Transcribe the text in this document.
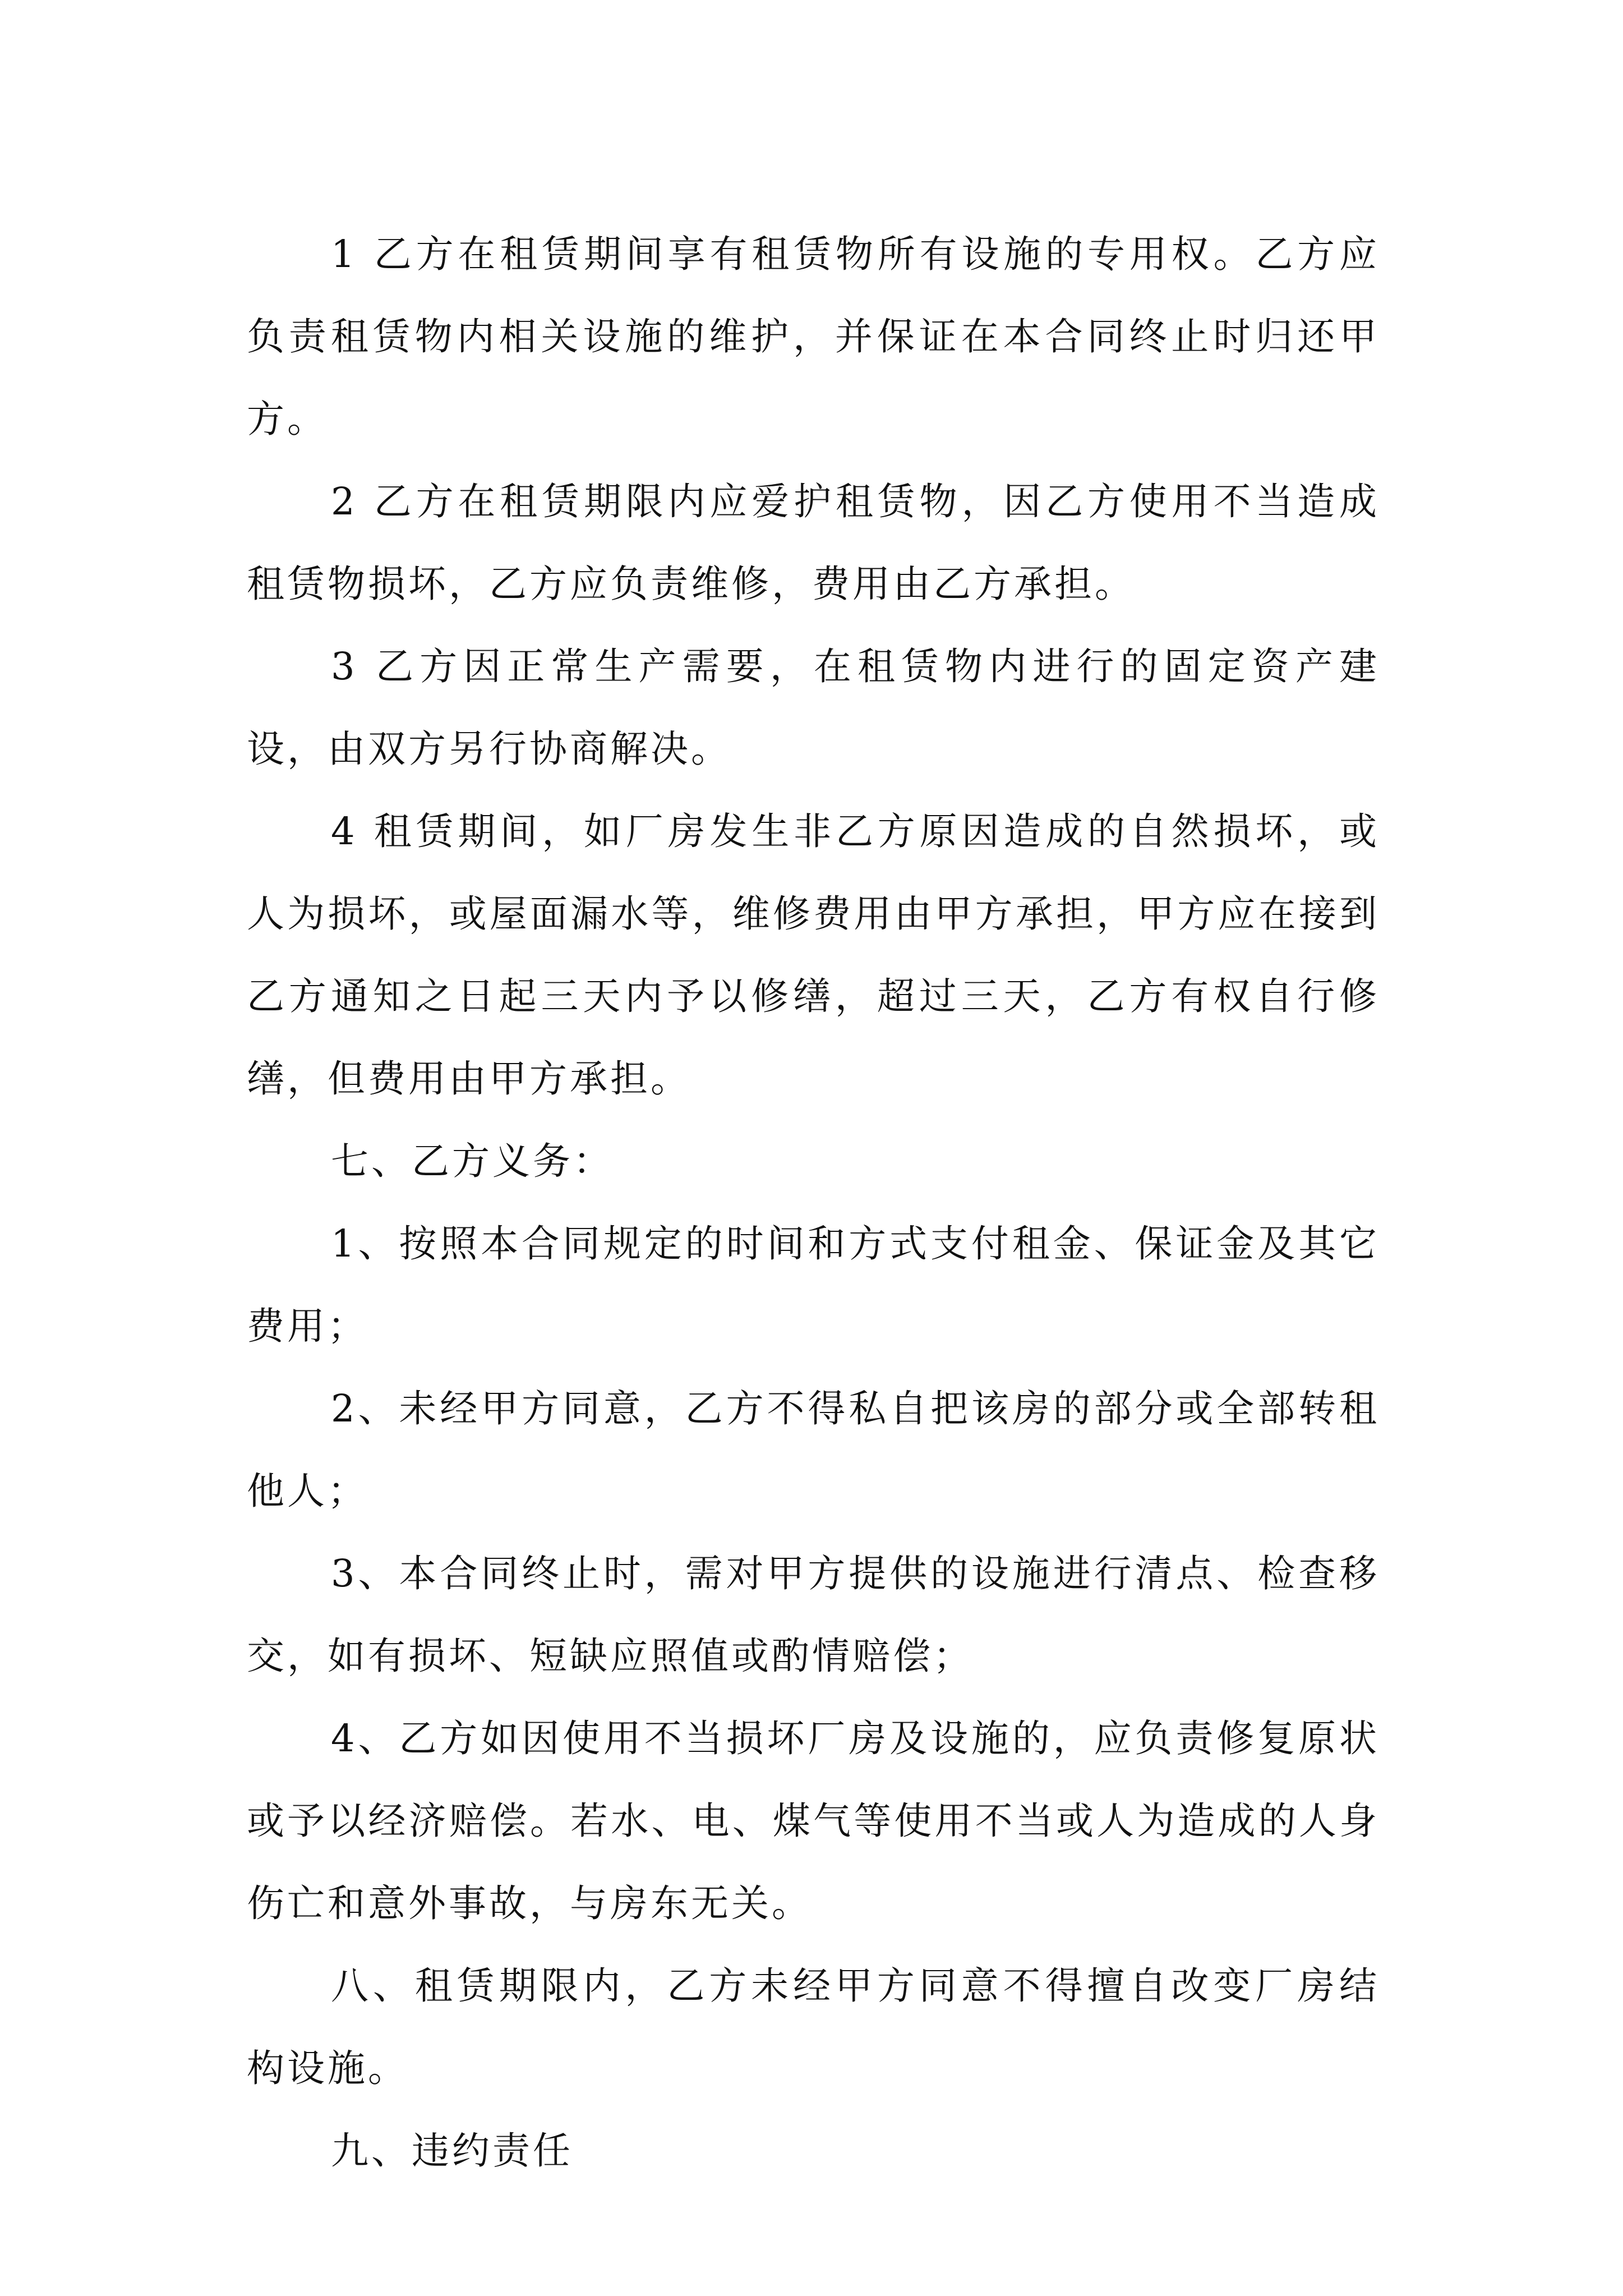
1 乙方在租赁期间享有租赁物所有设施的专用权。乙方应负责租赁物内相关设施的维护，并保证在本合同终止时归还甲方。

2 乙方在租赁期限内应爱护租赁物，因乙方使用不当造成租赁物损坏，乙方应负责维修，费用由乙方承担。

3 乙方因正常生产需要，在租赁物内进行的固定资产建设，由双方另行协商解决。

4 租赁期间，如厂房发生非乙方原因造成的自然损坏，或人为损坏，或屋面漏水等，维修费用由甲方承担，甲方应在接到乙方通知之日起三天内予以修缮，超过三天，乙方有权自行修缮，但费用由甲方承担。

七、乙方义务：

1、按照本合同规定的时间和方式支付租金、保证金及其它费用；

2、未经甲方同意，乙方不得私自把该房的部分或全部转租他人；

3、本合同终止时，需对甲方提供的设施进行清点、检查移交，如有损坏、短缺应照值或酌情赔偿；

4、乙方如因使用不当损坏厂房及设施的，应负责修复原状或予以经济赔偿。若水、电、煤气等使用不当或人为造成的人身伤亡和意外事故，与房东无关。

八、租赁期限内，乙方未经甲方同意不得擅自改变厂房结构设施。

九、违约责任
